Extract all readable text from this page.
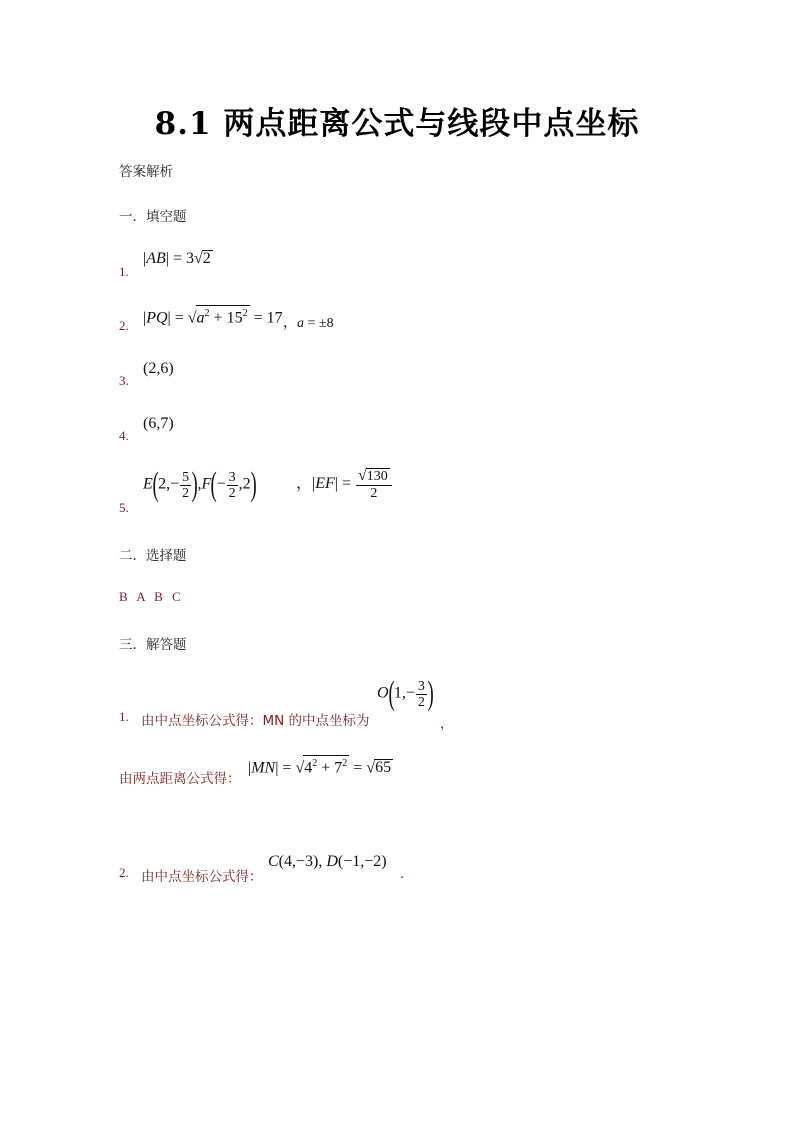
8.1 两点距离公式与线段中点坐标
答案解析
一．填空题
1.
|AB| = 3√2
2. $|PQ| = √a^2 + 15^2 = 17$ ，a = ±8
3.
(2,6)
4.
(6,7)
5.
$E(2,- \frac{5}{2} ),F(- \frac{3}{2} ,2)$ ，$|EF| = \frac{√130}{2}$
二．选择题
B A B C
三．解答题
1. 由中点坐标公式得：MN 的中点坐标为
$O(1,- \frac{3}{2}$ )
，
由两点距离公式得：
$|MN| = √4^2 + 7^2 = √65$
2. 由中点坐标公式得：
C(4,−3), D(−1,−2)
.
